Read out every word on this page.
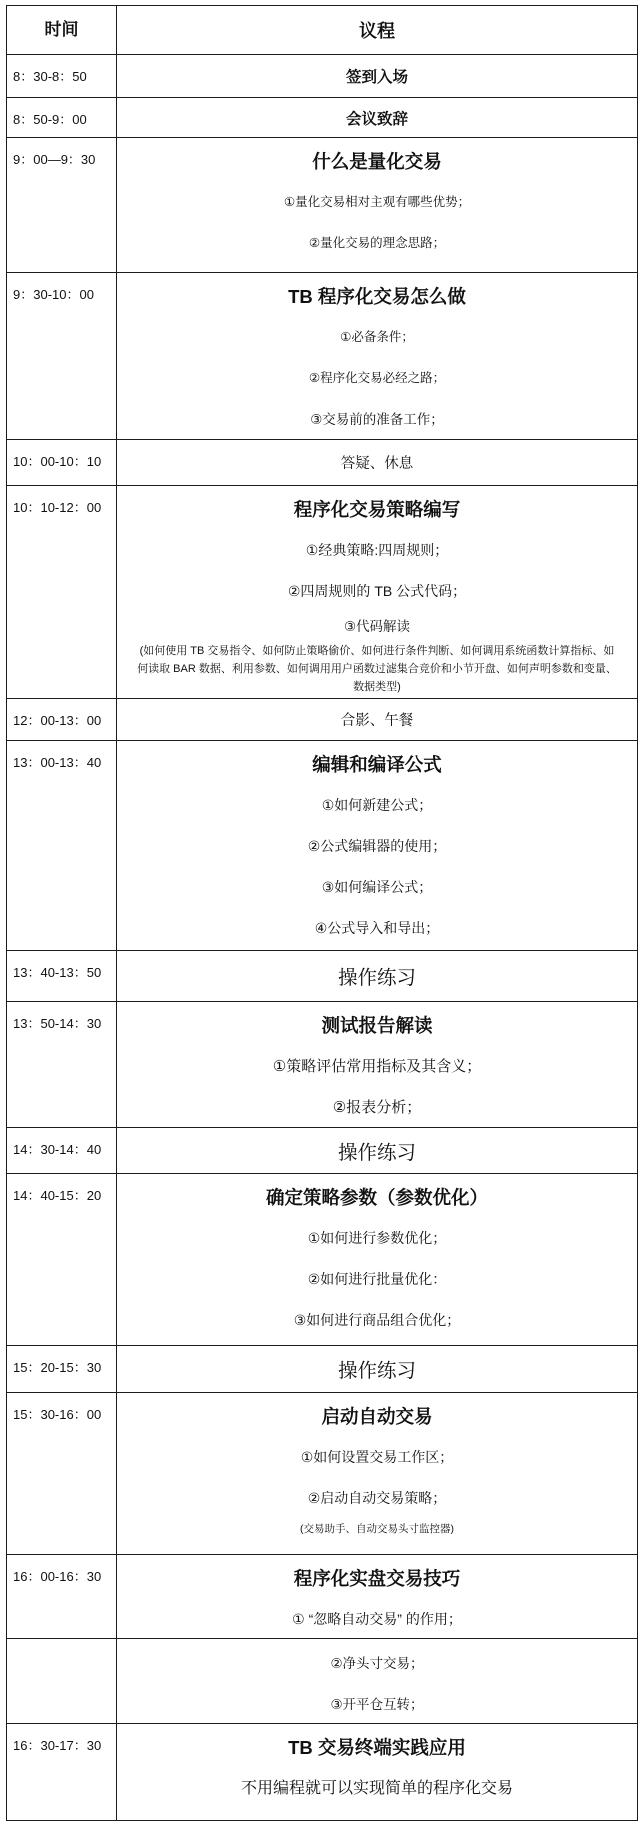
时间	议程
8：30-8：50	签到入场
8：50-9：00	会议致辞
9：00—9：30	什么是量化交易
①量化交易相对主观有哪些优势；
②量化交易的理念思路；
9：30-10：00	TB 程序化交易怎么做
①必备条件；
②程序化交易必经之路；
③交易前的准备工作；
10：00-10：10	答疑、休息
10：10-12：00	程序化交易策略编写
①经典策略:四周规则；
②四周规则的 TB 公式代码；
③代码解读
(如何使用 TB 交易指令、如何防止策略偷价、如何进行条件判断、如何调用系统函数计算指标、如何读取 BAR 数据、利用参数、如何调用用户函数过滤集合竞价和小节开盘、如何声明参数和变量、数据类型)
12：00-13：00	合影、午餐
13：00-13：40	编辑和编译公式
①如何新建公式；
②公式编辑器的使用；
③如何编译公式；
④公式导入和导出；
13：40-13：50	操作练习
13：50-14：30	测试报告解读
①策略评估常用指标及其含义；
②报表分析；
14：30-14：40	操作练习
14：40-15：20	确定策略参数（参数优化）
①如何进行参数优化；
②如何进行批量优化：
③如何进行商品组合优化；
15：20-15：30	操作练习
15：30-16：00	启动自动交易
①如何设置交易工作区；
②启动自动交易策略；
(交易助手、自动交易头寸监控器)
16：00-16：30	程序化实盘交易技巧
① “忽略自动交易” 的作用；
②净头寸交易；
③开平仓互转；
16：30-17：30	TB 交易终端实践应用
不用编程就可以实现简单的程序化交易
